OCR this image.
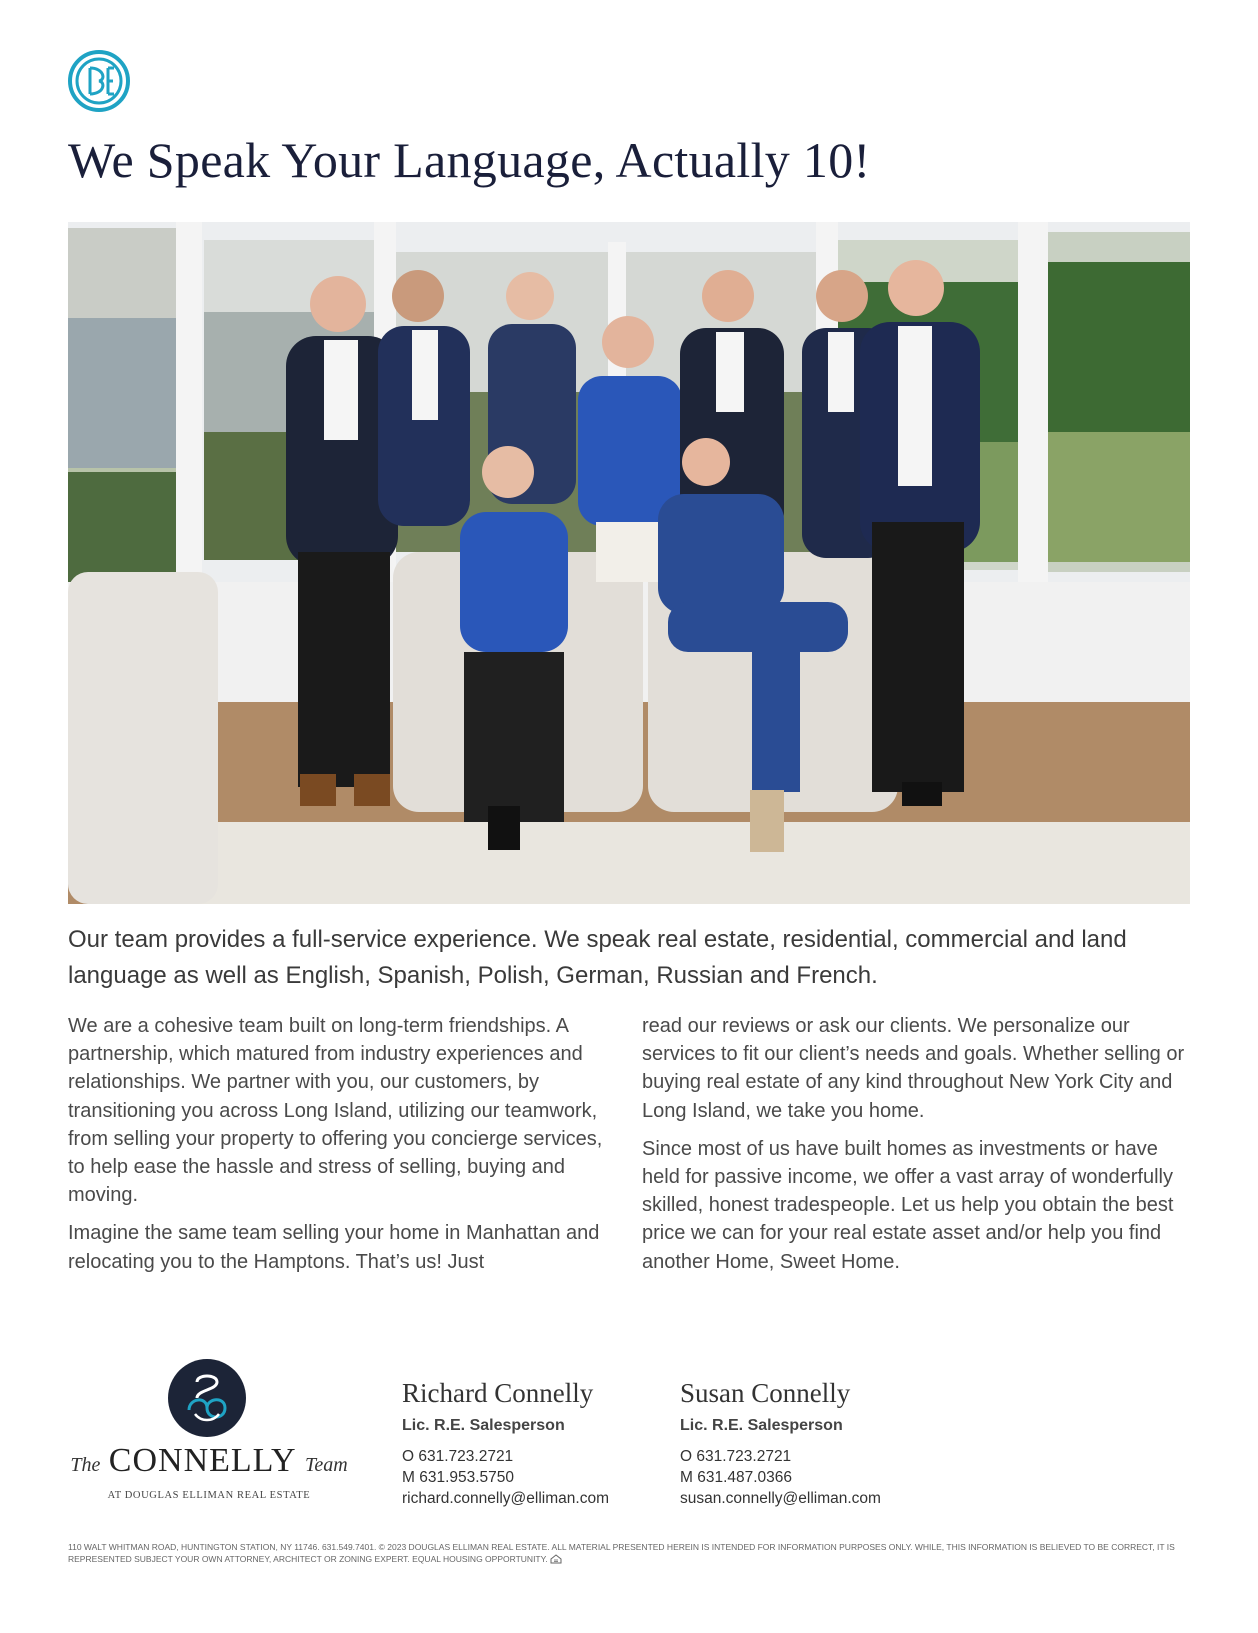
We Speak Your Language, Actually 10!

Our team provides a full-service experience. We speak real estate, residential, commercial and land language as well as English, Spanish, Polish, German, Russian and French.

We are a cohesive team built on long-term friendships. A partnership, which matured from industry experiences and relationships. We partner with you, our customers, by transitioning you across Long Island, utilizing our teamwork, from selling your property to offering you concierge services, to help ease the hassle and stress of selling, buying and moving.

Imagine the same team selling your home in Manhattan and relocating you to the Hamptons. That’s us! Just

read our reviews or ask our clients. We personalize our services to fit our client’s needs and goals. Whether selling or buying real estate of any kind throughout New York City and Long Island, we take you home.

Since most of us have built homes as investments or have held for passive income, we offer a vast array of wonderfully skilled, honest tradespeople. Let us help you obtain the best price we can for your real estate asset and/or help you find another Home, Sweet Home.

The CONNELLY Team
AT DOUGLAS ELLIMAN REAL ESTATE
Richard Connelly
Lic. R.E. Salesperson
O 631.723.2721
M 631.953.5750
richard.connelly@elliman.com
Susan Connelly
Lic. R.E. Salesperson
O 631.723.2721
M 631.487.0366
susan.connelly@elliman.com
110 WALT WHITMAN ROAD, HUNTINGTON STATION, NY 11746. 631.549.7401. © 2023 DOUGLAS ELLIMAN REAL ESTATE. ALL MATERIAL PRESENTED HEREIN IS INTENDED FOR INFORMATION PURPOSES ONLY. WHILE, THIS INFORMATION IS BELIEVED TO BE CORRECT, IT IS REPRESENTED SUBJECT YOUR OWN ATTORNEY, ARCHITECT OR ZONING EXPERT. EQUAL HOUSING OPPORTUNITY.
